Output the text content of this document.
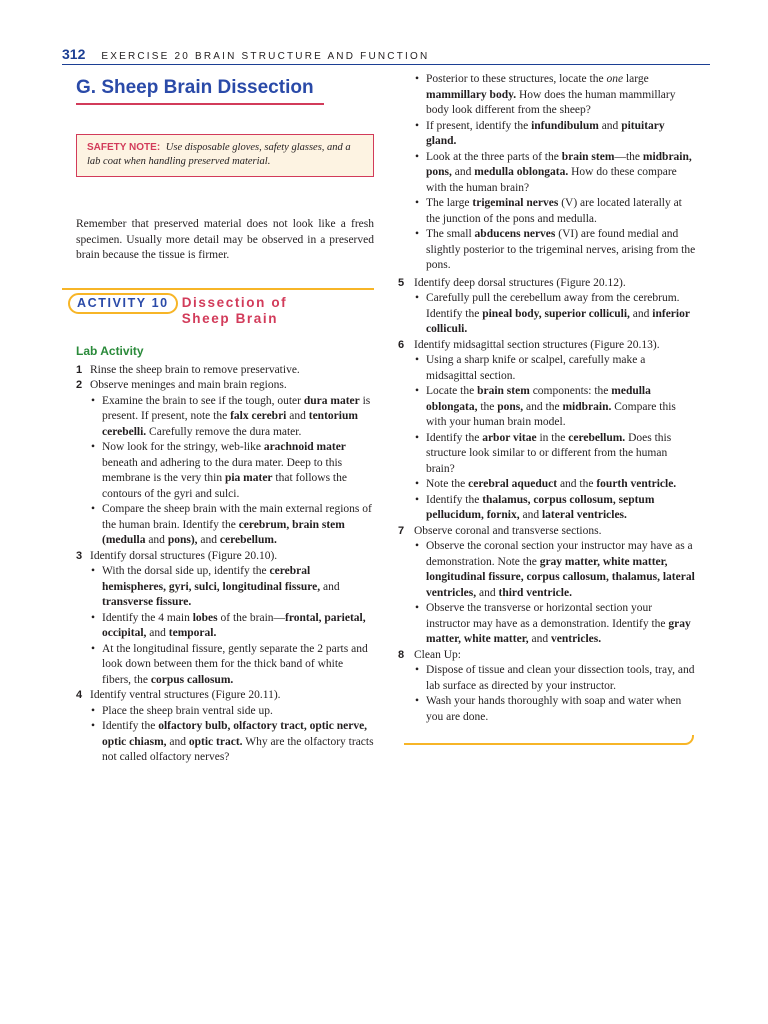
312 EXERCISE 20 BRAIN STRUCTURE AND FUNCTION
G. Sheep Brain Dissection
SAFETY NOTE: Use disposable gloves, safety glasses, and a lab coat when handling preserved material.
Remember that preserved material does not look like a fresh specimen. Usually more detail may be observed in a preserved brain because the tissue is firmer.
ACTIVITY 10 Dissection of Sheep Brain
Lab Activity
1 Rinse the sheep brain to remove preservative.
2 Observe meninges and main brain regions.
• Examine the brain to see if the tough, outer dura mater is present. If present, note the falx cerebri and tentorium cerebelli. Carefully remove the dura mater.
• Now look for the stringy, web-like arachnoid mater beneath and adhering to the dura mater. Deep to this membrane is the very thin pia mater that follows the contours of the gyri and sulci.
• Compare the sheep brain with the main external regions of the human brain. Identify the cerebrum, brain stem (medulla and pons), and cerebellum.
3 Identify dorsal structures (Figure 20.10).
• With the dorsal side up, identify the cerebral hemispheres, gyri, sulci, longitudinal fissure, and transverse fissure.
• Identify the 4 main lobes of the brain—frontal, parietal, occipital, and temporal.
• At the longitudinal fissure, gently separate the 2 parts and look down between them for the thick band of white fibers, the corpus callosum.
4 Identify ventral structures (Figure 20.11).
• Place the sheep brain ventral side up.
• Identify the olfactory bulb, olfactory tract, optic nerve, optic chiasm, and optic tract. Why are the olfactory tracts not called olfactory nerves?
• Posterior to these structures, locate the one large mammillary body. How does the human mammillary body look different from the sheep?
• If present, identify the infundibulum and pituitary gland.
• Look at the three parts of the brain stem—the midbrain, pons, and medulla oblongata. How do these compare with the human brain?
• The large trigeminal nerves (V) are located laterally at the junction of the pons and medulla.
• The small abducens nerves (VI) are found medial and slightly posterior to the trigeminal nerves, arising from the pons.
5 Identify deep dorsal structures (Figure 20.12).
• Carefully pull the cerebellum away from the cerebrum. Identify the pineal body, superior colliculi, and inferior colliculi.
6 Identify midsagittal section structures (Figure 20.13).
• Using a sharp knife or scalpel, carefully make a midsagittal section.
• Locate the brain stem components: the medulla oblongata, the pons, and the midbrain. Compare this with your human brain model.
• Identify the arbor vitae in the cerebellum. Does this structure look similar to or different from the human brain?
• Note the cerebral aqueduct and the fourth ventricle.
• Identify the thalamus, corpus collosum, septum pellucidum, fornix, and lateral ventricles.
7 Observe coronal and transverse sections.
• Observe the coronal section your instructor may have as a demonstration. Note the gray matter, white matter, longitudinal fissure, corpus callosum, thalamus, lateral ventricles, and third ventricle.
• Observe the transverse or horizontal section your instructor may have as a demonstration. Identify the gray matter, white matter, and ventricles.
8 Clean Up:
• Dispose of tissue and clean your dissection tools, tray, and lab surface as directed by your instructor.
• Wash your hands thoroughly with soap and water when you are done.
